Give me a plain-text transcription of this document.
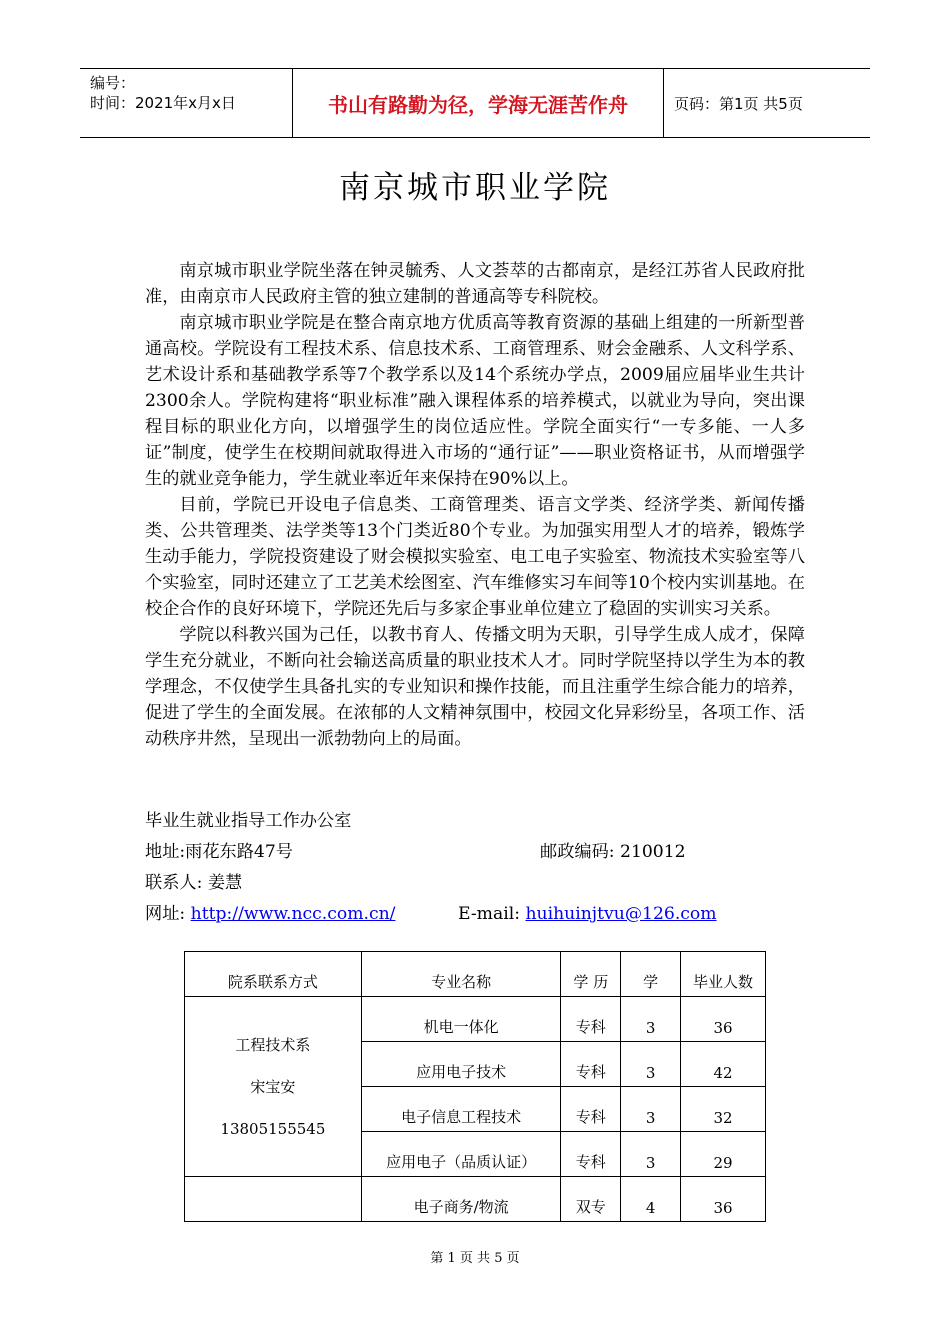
编号：
时间：2021年x月x日	书山有路勤为径，学海无涯苦作舟	页码：第1页 共5页
南京城市职业学院

南京城市职业学院坐落在钟灵毓秀、人文荟萃的古都南京，是经江苏省人民政府批准，由南京市人民政府主管的独立建制的普通高等专科院校。

南京城市职业学院是在整合南京地方优质高等教育资源的基础上组建的一所新型普通高校。学院设有工程技术系、信息技术系、工商管理系、财会金融系、人文科学系、艺术设计系和基础教学系等7个教学系以及14个系统办学点，2009届应届毕业生共计2300余人。学院构建将“职业标准”融入课程体系的培养模式，以就业为导向，突出课程目标的职业化方向，以增强学生的岗位适应性。学院全面实行“一专多能、一人多证”制度，使学生在校期间就取得进入市场的“通行证”——职业资格证书，从而增强学生的就业竞争能力，学生就业率近年来保持在90%以上。

目前，学院已开设电子信息类、工商管理类、语言文学类、经济学类、新闻传播类、公共管理类、法学类等13个门类近80个专业。为加强实用型人才的培养，锻炼学生动手能力，学院投资建设了财会模拟实验室、电工电子实验室、物流技术实验室等八个实验室，同时还建立了工艺美术绘图室、汽车维修实习车间等10个校内实训基地。在校企合作的良好环境下，学院还先后与多家企事业单位建立了稳固的实训实习关系。

学院以科教兴国为己任，以教书育人、传播文明为天职，引导学生成人成才，保障学生充分就业，不断向社会输送高质量的职业技术人才。同时学院坚持以学生为本的教学理念，不仅使学生具备扎实的专业知识和操作技能，而且注重学生综合能力的培养，促进了学生的全面发展。在浓郁的人文精神氛围中，校园文化异彩纷呈，各项工作、活动秩序井然，呈现出一派勃勃向上的局面。

毕业生就业指导工作办公室
地址:雨花东路47号	邮政编码: 210012
联系人: 姜慧
网址: http://www.ncc.com.cn/	E-mail: huihuinjtvu@126.com
院系联系方式	专业名称	学 历	学	毕业人数

工程技术系
宋宝安
13805155545	机电一体化	专科	3	36
	应用电子技术	专科	3	42
	电子信息工程技术	专科	3	32
	应用电子（品质认证）	专科	3	29
	电子商务/物流	双专	4	36
第 1 页 共 5 页
